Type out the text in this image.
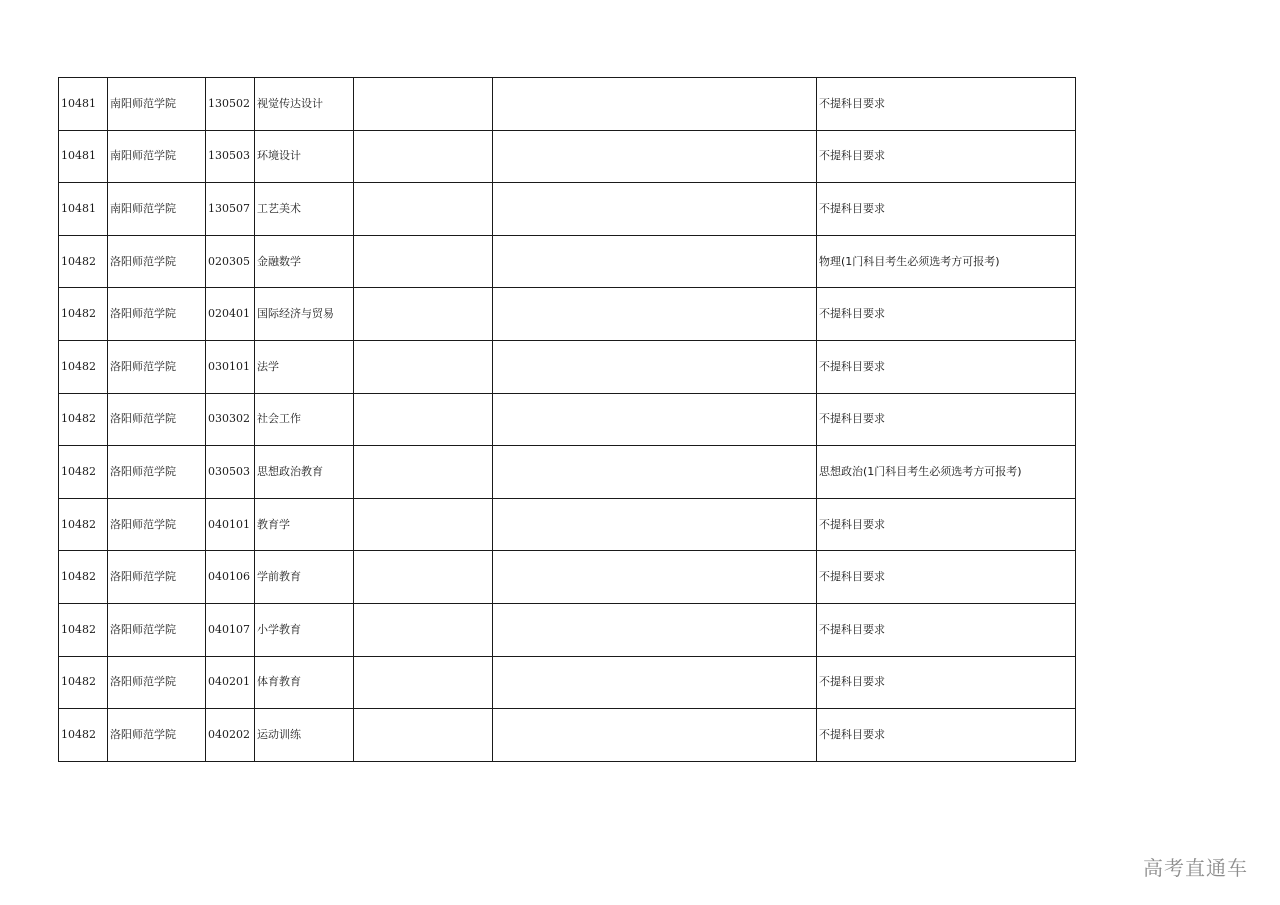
10481	南阳师范学院	130502	视觉传达设计			不提科目要求
10481	南阳师范学院	130503	环境设计			不提科目要求
10481	南阳师范学院	130507	工艺美术			不提科目要求
10482	洛阳师范学院	020305	金融数学			物理(1门科目考生必须选考方可报考)
10482	洛阳师范学院	020401	国际经济与贸易			不提科目要求
10482	洛阳师范学院	030101	法学			不提科目要求
10482	洛阳师范学院	030302	社会工作			不提科目要求
10482	洛阳师范学院	030503	思想政治教育			思想政治(1门科目考生必须选考方可报考)
10482	洛阳师范学院	040101	教育学			不提科目要求
10482	洛阳师范学院	040106	学前教育			不提科目要求
10482	洛阳师范学院	040107	小学教育			不提科目要求
10482	洛阳师范学院	040201	体育教育			不提科目要求
10482	洛阳师范学院	040202	运动训练			不提科目要求
高考直通车
